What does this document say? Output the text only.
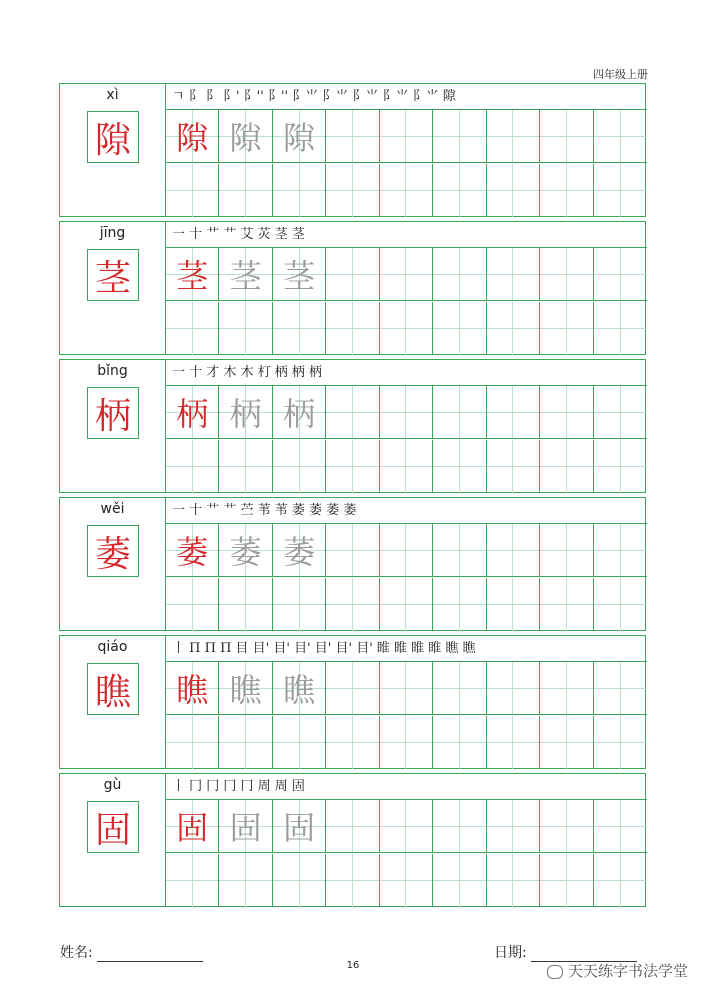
四年级上册
xì
隙
ㄱ 阝 阝 阝' 阝'' 阝'' 阝⺌ 阝⺌ 阝⺌ 阝⺌ 阝⺌ 隙
隙 隙 隙
jīng
茎
一 十 艹 艹 艾 苂 茎 茎
茎 茎 茎
bǐng
柄
一 十 才 木 木 朾 柄 柄 柄
柄 柄 柄
wěi
萎
一 十 艹 艹 苎 苇 苇 萎 萎 萎 萎
萎 萎 萎
qiáo
瞧
丨 Π Π Π 目 目' 目' 目' 目' 目' 目' 睢 睢 睢 睢 瞧 瞧
瞧 瞧 瞧
gù
固
丨 冂 冂 冂 冂 周 周 固
固 固 固
姓名:	日期:
16	天天练字书法学堂
